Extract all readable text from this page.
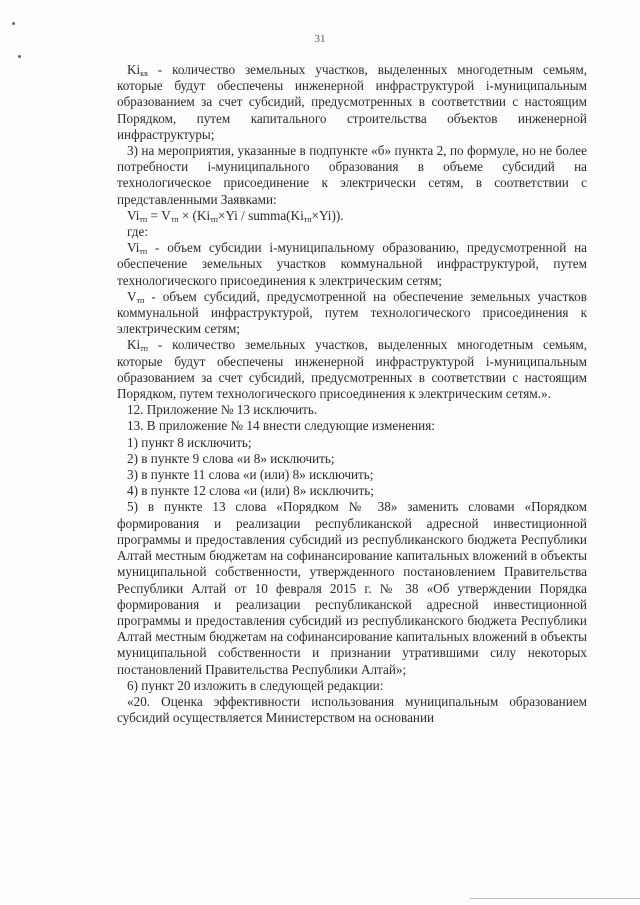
31

$Ki_{кв}$ - количество земельных участков, выделенных многодетным семьям, которые будут обеспечены инженерной инфраструктурой i-муниципальным образованием за счет субсидий, предусмотренных в соответствии с настоящим Порядком, путем капитального строительства объектов инженерной инфраструктуры;

3) на мероприятия, указанные в подпункте «б» пункта 2, по формуле, но не более потребности i-муниципального образования в объеме субсидий на технологическое присоединение к электрически сетям, в соответствии с представленными Заявками:

$Vi_{тп} = V_{тп} \times (Ki_{тп}\times Yi$ / $summa(Ki_{тп}\times Yi)$).

где:

$Vi_{тп}$ - объем субсидии i-муниципальному образованию, предусмотренной на обеспечение земельных участков коммунальной инфраструктурой, путем технологического присоединения к электрическим сетям;

$V_{тп}$ - объем субсидий, предусмотренной на обеспечение земельных участков коммунальной инфраструктурой, путем технологического присоединения к электрическим сетям;

$Ki_{тп}$ - количество земельных участков, выделенных многодетным семьям, которые будут обеспечены инженерной инфраструктурой i-муниципальным образованием за счет субсидий, предусмотренных в соответствии с настоящим Порядком, путем технологического присоединения к электрическим сетям.».

12. Приложение № 13 исключить.

13. В приложение № 14 внести следующие изменения:

1) пункт 8 исключить;

2) в пункте 9 слова «и 8» исключить;

3) в пункте 11 слова «и (или) 8» исключить;

4) в пункте 12 слова «и (или) 8» исключить;

5) в пункте 13 слова «Порядком № 38» заменить словами «Порядком формирования и реализации республиканской адресной инвестиционной программы и предоставления субсидий из республиканского бюджета Республики Алтай местным бюджетам на софинансирование капитальных вложений в объекты муниципальной собственности, утвержденного постановлением Правительства Республики Алтай от 10 февраля 2015 г. № 38 «Об утверждении Порядка формирования и реализации республиканской адресной инвестиционной программы и предоставления субсидий из республиканского бюджета Республики Алтай местным бюджетам на софинансирование капитальных вложений в объекты муниципальной собственности и признании утратившими силу некоторых постановлений Правительства Республики Алтай»;

6) пункт 20 изложить в следующей редакции:

«20. Оценка эффективности использования муниципальным образованием субсидий осуществляется Министерством на основании
